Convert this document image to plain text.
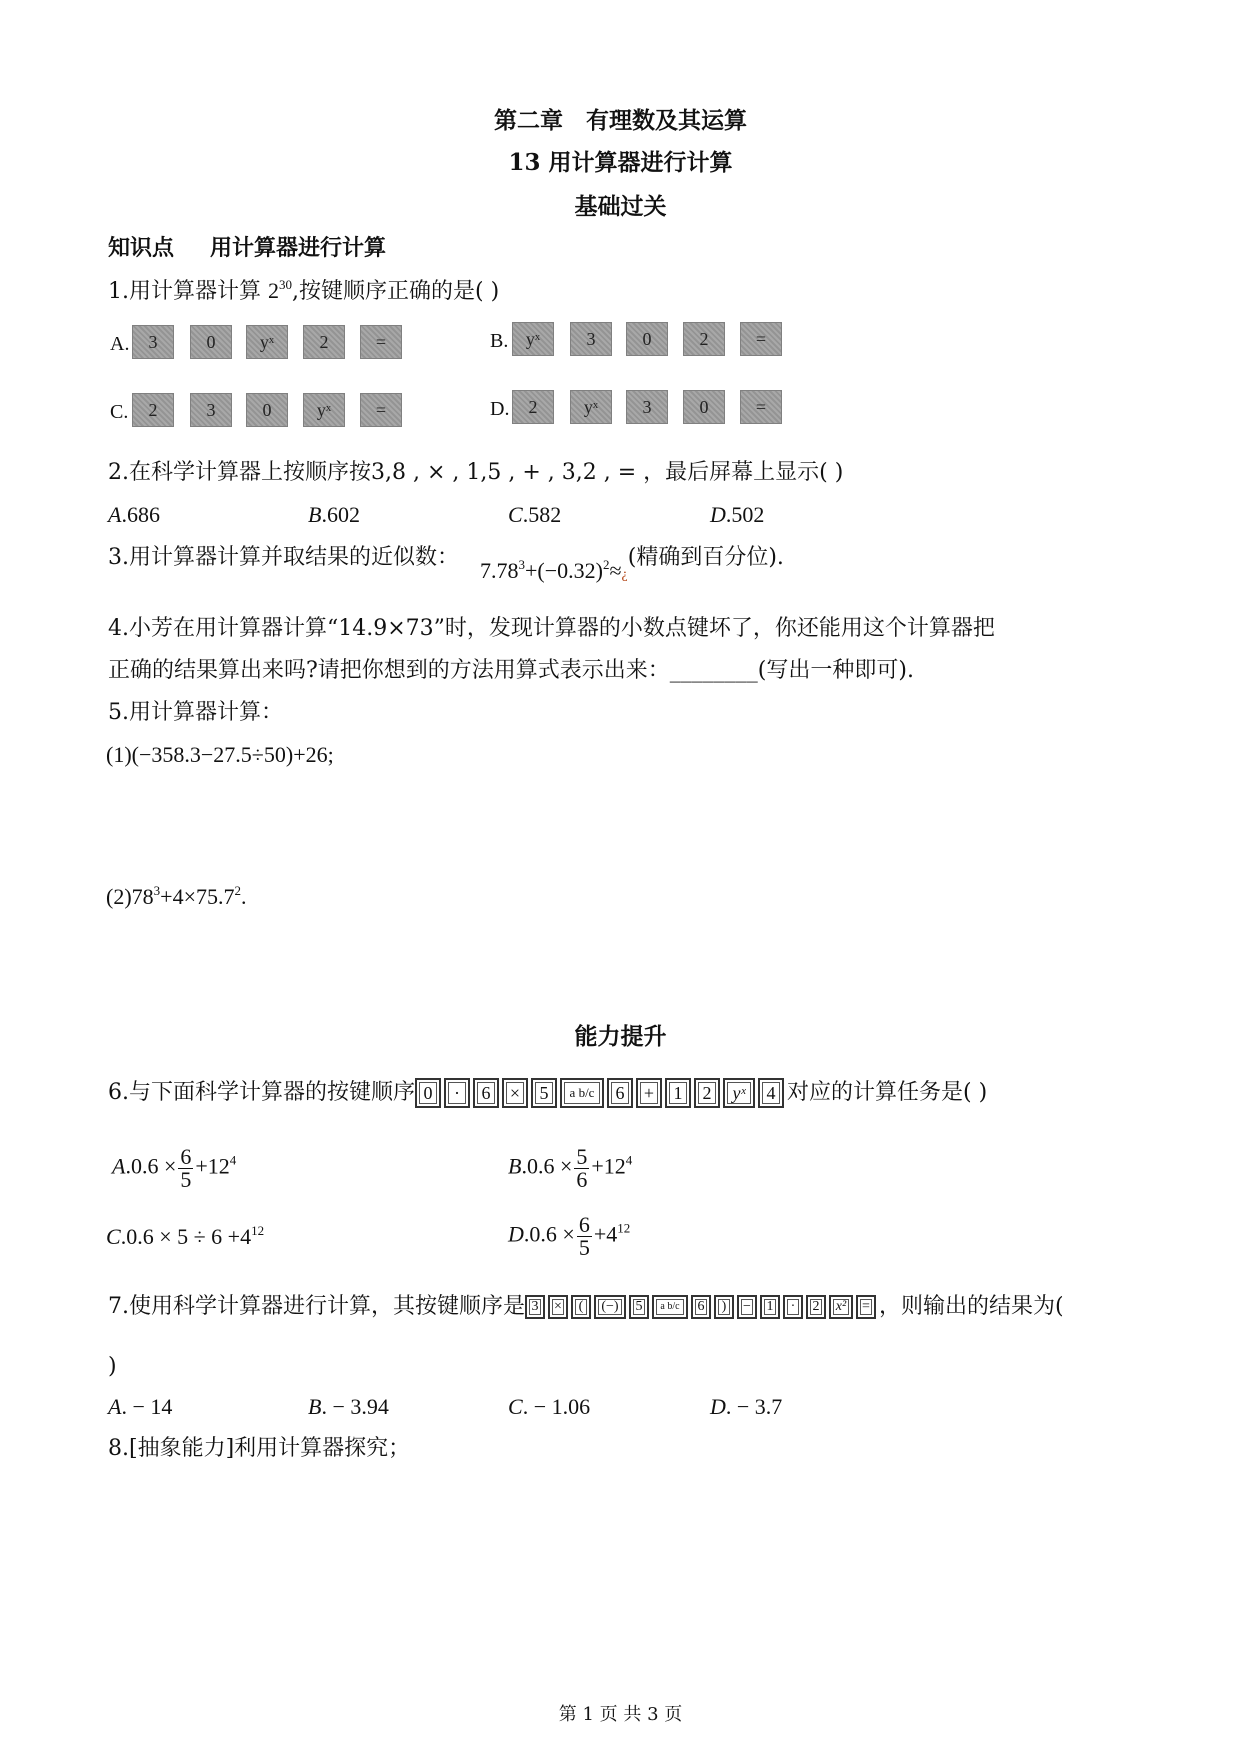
第二章　有理数及其运算
13 用计算器进行计算
基础过关
知识点 用计算器进行计算
1.用计算器计算 $2^{30}$,按键顺序正确的是( )
A.	3	0	yˣ	2	=	B. yˣ	3	0	2	=
C.	2	3	0	yˣ	=	D.	2	yˣ	3	0	=
2.在科学计算器上按顺序按3,8 , × , 1,5 , + , 3,2 , = ，最后屏幕上显示( )
A.686	B.602	C.582	D.502
3.用计算器计算并取结果的近似数： $7.78^3+(-0.32)^2\approx¿$(精确到百分位).
4.小芳在用计算器计算“14.9×73”时，发现计算器的小数点键坏了，你还能用这个计算器把
正确的结果算出来吗?请把你想到的方法用算式表示出来：________(写出一种即可).
5.用计算器计算：
(1)(−358.3−27.5÷50)+26;
$(2)78^3+4\times 75.7^2$.
能力提升
6.与下面科学计算器的按键顺序 0 · 6 × 5 a b/c 6 + 1 2 yˣ 4 对应的计算任务是( )
$A.0.6 \times \frac{6}{5} +12^4$	$B.0.6 \times \frac{5}{6} +12^4$
$C.0.6 \times 5 \div 6 +4^{12}$	$D.0.6 \times \frac{6}{5} +4^{12}$
7.使用科学计算器进行计算，其按键顺序是 3 × ( (−) 5 a b/c 6 ) − 1 · 2 x² = ，则输出的结果为(
)
A. − 14	B. − 3.94	C. − 1.06	D. − 3.7
8.[抽象能力]利用计算器探究；
第 1 页 共 3 页
